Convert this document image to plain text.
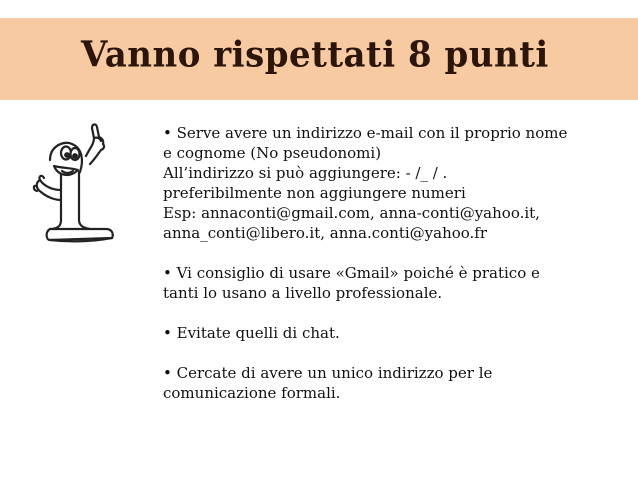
Vanno rispettati 8 punti

• Serve avere un indirizzo e-mail con il proprio nome

e cognome (No pseudonomi)

All’indirizzo si può aggiungere: - /_ / .

preferibilmente non aggiungere numeri

Esp: annaconti@gmail.com, anna-conti@yahoo.it,

anna_conti@libero.it, anna.conti@yahoo.fr

• Vi consiglio di usare «Gmail» poiché è pratico e

tanti lo usano a livello professionale.

• Evitate quelli di chat.

• Cercate di avere un unico indirizzo per le

comunicazione formali.
